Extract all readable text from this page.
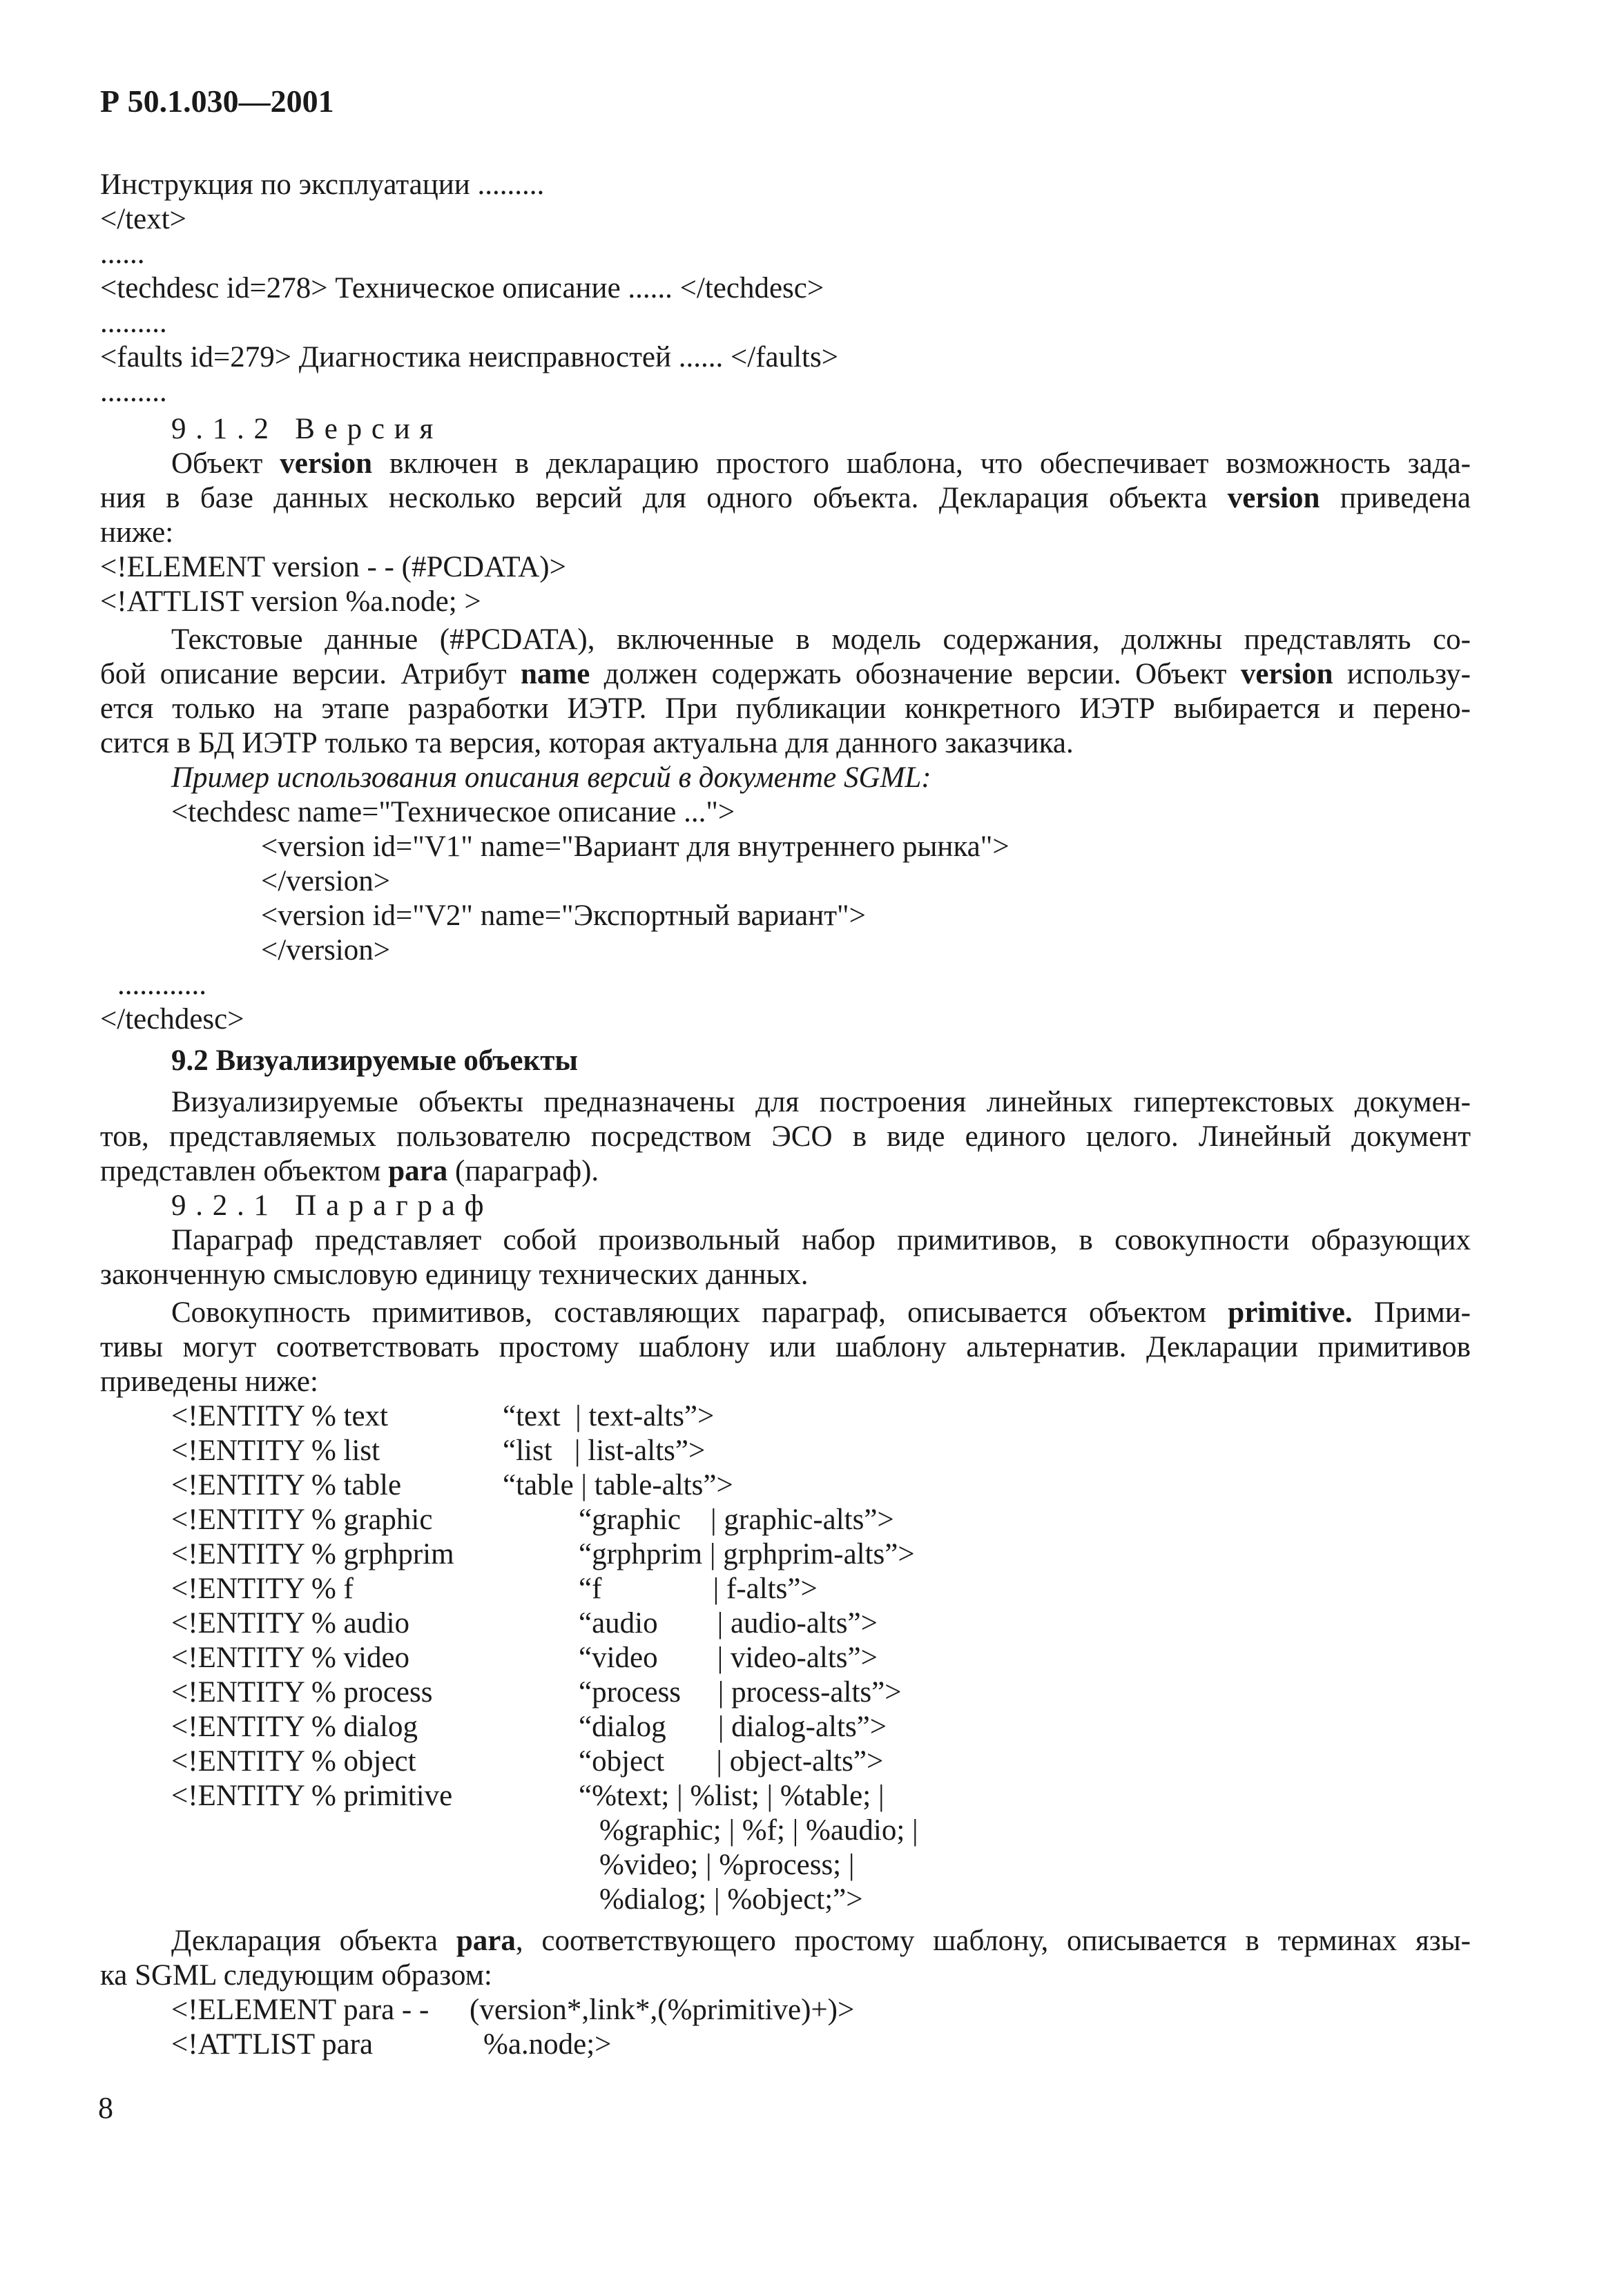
Р 50.1.030—2001
Инструкция по эксплуатации .........
</text>
......
<techdesc id=278> Техническое описание ...... </techdesc>
.........
<faults id=279> Диагностика неисправностей ...... </faults>
.........
9.1.2 Версия
Объект version включен в декларацию простого шаблона, что обеспечивает возможность зада-
ния в базе данных несколько версий для одного объекта. Декларация объекта version приведена
ниже:
<!ELEMENT version - - (#PCDATA)>
<!ATTLIST version %a.node; >
Текстовые данные (#PCDATA), включенные в модель содержания, должны представлять со-
бой описание версии. Атрибут name должен содержать обозначение версии. Объект version использу-
ется только на этапе разработки ИЭТР. При публикации конкретного ИЭТР выбирается и перено-
сится в БД ИЭТР только та версия, которая актуальна для данного заказчика.
Пример использования описания версий в документе SGML:
<techdesc name="Техническое описание ...">
<version id="V1" name="Вариант для внутреннего рынка">
</version>
<version id="V2" name="Экспортный вариант">
</version>
............
</techdesc>
9.2 Визуализируемые объекты
Визуализируемые объекты предназначены для построения линейных гипертекстовых докумен-
тов, представляемых пользователю посредством ЭСО в виде единого целого. Линейный документ
представлен объектом para (параграф).
9.2.1 Параграф
Параграф представляет собой произвольный набор примитивов, в совокупности образующих
законченную смысловую единицу технических данных.
Совокупность примитивов, составляющих параграф, описывается объектом primitive. Прими-
тивы могут соответствовать простому шаблону или шаблону альтернатив. Декларации примитивов
приведены ниже:
<!ENTITY % text	“text  | text-alts”>
<!ENTITY % list	“list   | list-alts”>
<!ENTITY % table	“table | table-alts”>
<!ENTITY % graphic	“graphic    | graphic-alts”>
<!ENTITY % grphprim	“grphprim | grphprim-alts”>
<!ENTITY % f	“f               | f-alts”>
<!ENTITY % audio	“audio        | audio-alts”>
<!ENTITY % video	“video        | video-alts”>
<!ENTITY % process	“process     | process-alts”>
<!ENTITY % dialog	“dialog       | dialog-alts”>
<!ENTITY % object	“object       | object-alts”>
<!ENTITY % primitive	“%text; | %list; | %table; |
%graphic; | %f; | %audio; |
%video; | %process; |
%dialog; | %object;”>
Декларация объекта para, соответствующего простому шаблону, описывается в терминах язы-
ка SGML следующим образом:
<!ELEMENT para - - (version*,link*,(%primitive)+)>
<!ATTLIST para	%a.node;>
8
